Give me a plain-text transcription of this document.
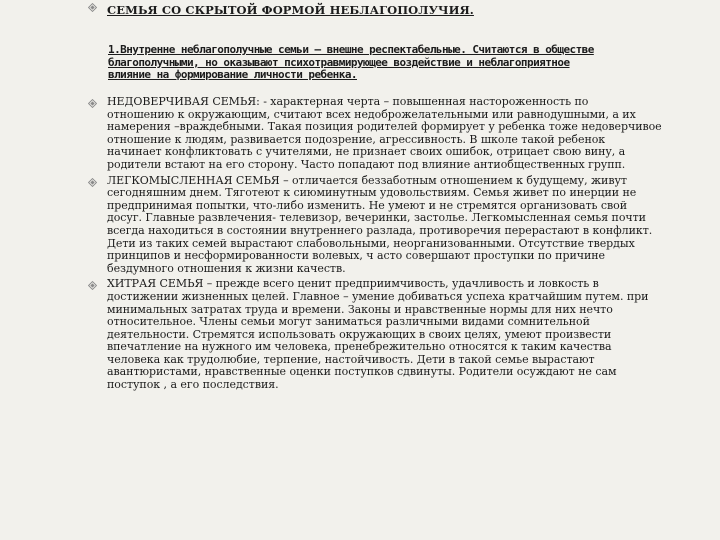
СЕМЬЯ СО СКРЫТОЙ ФОРМОЙ НЕБЛАГОПОЛУЧИЯ.
1.Внутренне неблагополучные семьи – внешне респектабельные. Считаются в обществе
благополучными, но оказывают психотравмирующее воздействие и неблагоприятное
влияние на формирование личности ребенка.
НЕДОВЕРЧИВАЯ СЕМЬЯ: - характерная черта – повышенная настороженность по
отношению к окружающим, считают всех недоброжелательными или равнодушными, а их
намерения –враждебными. Такая позиция родителей формирует у ребенка тоже недоверчивое
отношение к людям, развивается подозрение, агрессивность. В школе такой ребенок
начинает конфликтовать с учителями, не признает своих ошибок, отрицает свою вину, а
родители встают на его сторону. Часто попадают под влияние антиобщественных групп.
ЛЕГКОМЫСЛЕННАЯ СЕМЬЯ – отличается беззаботным отношением к будущему, живут
сегодняшним днем. Тяготеют к сиюминутным удовольствиям. Семья живет по инерции не
предпринимая попытки, что-либо изменить. Не умеют и не стремятся организовать свой
досуг. Главные развлечения- телевизор, вечеринки, застолье. Легкомысленная семья почти
всегда находиться в состоянии внутреннего разлада, противоречия перерастают в конфликт.
Дети из таких семей вырастают слабовольными, неорганизованными. Отсутствие твердых
принципов и несформированности волевых, ч асто совершают проступки по причине
бездумного отношения к жизни качеств.
ХИТРАЯ СЕМЬЯ – прежде всего ценит предприимчивость, удачливость и ловкость в
достижении жизненных целей. Главное – умение добиваться успеха кратчайшим путем. при
минимальных затратах труда и времени. Законы и нравственные нормы для них нечто
относительное. Члены семьи могут заниматься различными видами сомнительной
деятельности. Стремятся использовать окружающих в своих целях, умеют произвести
впечатление на нужного им человека, пренебрежительно относятся к таким качества
человека как трудолюбие, терпение, настойчивость. Дети в такой семье вырастают
авантюристами, нравственные оценки поступков сдвинуты. Родители осуждают не сам
поступок , а его последствия.
